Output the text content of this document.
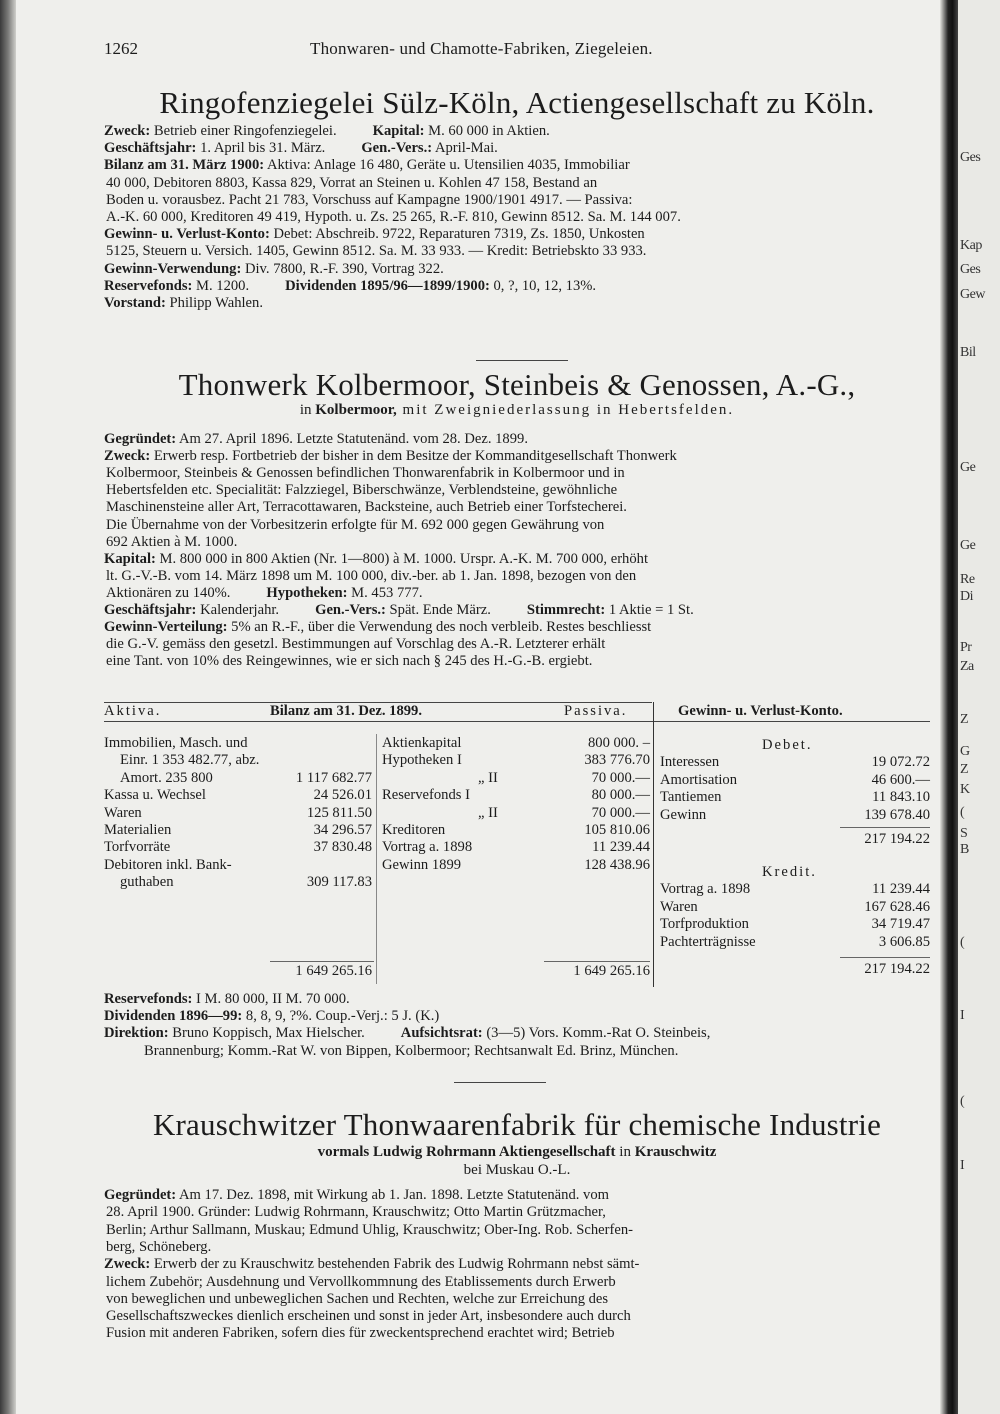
1262	Thonwaren- und Chamotte-Fabriken, Ziegeleien.
Ringofenziegelei Sülz-Köln, Actiengesellschaft zu Köln.
Zweck: Betrieb einer Ringofenziegelei. Kapital: M. 60 000 in Aktien.
Geschäftsjahr: 1. April bis 31. März. Gen.-Vers.: April-Mai.
Bilanz am 31. März 1900: Aktiva: Anlage 16 480, Geräte u. Utensilien 4035, Immobiliar
40 000, Debitoren 8803, Kassa 829, Vorrat an Steinen u. Kohlen 47 158, Bestand an
Boden u. vorausbez. Pacht 21 783, Vorschuss auf Kampagne 1900/1901 4917. — Passiva:
A.-K. 60 000, Kreditoren 49 419, Hypoth. u. Zs. 25 265, R.-F. 810, Gewinn 8512. Sa. M. 144 007.
Gewinn- u. Verlust-Konto: Debet: Abschreib. 9722, Reparaturen 7319, Zs. 1850, Unkosten
5125, Steuern u. Versich. 1405, Gewinn 8512. Sa. M. 33 933. — Kredit: Betriebskto 33 933.
Gewinn-Verwendung: Div. 7800, R.-F. 390, Vortrag 322.
Reservefonds: M. 1200. Dividenden 1895/96—1899/1900: 0, ?, 10, 12, 13%.
Vorstand: Philipp Wahlen.
Thonwerk Kolbermoor, Steinbeis & Genossen, A.-G.,
in Kolbermoor, mit Zweigniederlassung in Hebertsfelden.
Gegründet: Am 27. April 1896. Letzte Statutenänd. vom 28. Dez. 1899.
Zweck: Erwerb resp. Fortbetrieb der bisher in dem Besitze der Kommanditgesellschaft Thonwerk
Kolbermoor, Steinbeis & Genossen befindlichen Thonwarenfabrik in Kolbermoor und in
Hebertsfelden etc. Specialität: Falzziegel, Biberschwänze, Verblendsteine, gewöhnliche
Maschinensteine aller Art, Terracottawaren, Backsteine, auch Betrieb einer Torfstecherei.
Die Übernahme von der Vorbesitzerin erfolgte für M. 692 000 gegen Gewährung von
692 Aktien à M. 1000.
Kapital: M. 800 000 in 800 Aktien (Nr. 1—800) à M. 1000. Urspr. A.-K. M. 700 000, erhöht
lt. G.-V.-B. vom 14. März 1898 um M. 100 000, div.-ber. ab 1. Jan. 1898, bezogen von den
Aktionären zu 140%. Hypotheken: M. 453 777.
Geschäftsjahr: Kalenderjahr. Gen.-Vers.: Spät. Ende März. Stimmrecht: 1 Aktie = 1 St.
Gewinn-Verteilung: 5% an R.-F., über die Verwendung des noch verbleib. Restes beschliesst
die G.-V. gemäss den gesetzl. Bestimmungen auf Vorschlag des A.-R. Letzterer erhält
eine Tant. von 10% des Reingewinnes, wie er sich nach § 245 des H.-G.-B. ergiebt.
Aktiva.	Bilanz am 31. Dez. 1899.	Passiva.	Gewinn- u. Verlust-Konto.
Immobilien, Masch. und
Einr. 1 353 482.77, abz.
Amort. 235 800	1 117 682.77
Kassa u. Wechsel	24 526.01
Waren	125 811.50
Materialien	34 296.57
Torfvorräte	37 830.48
Debitoren inkl. Bank-
guthaben	309 117.83
Aktienkapital	800 000. –
Hypotheken I	383 776.70
„ II	70 000.—
Reservefonds I	80 000.—
„ II	70 000.—
Kreditoren	105 810.06
Vortrag a. 1898	11 239.44
Gewinn 1899	128 438.96
1 649 265.16	1 649 265.16
Debet.
Interessen	19 072.72
Amortisation	46 600.—
Tantiemen	11 843.10
Gewinn	139 678.40
217 194.22
Kredit.
Vortrag a. 1898	11 239.44
Waren	167 628.46
Torfproduktion	34 719.47
Pachterträgnisse	3 606.85
217 194.22
Reservefonds: I M. 80 000, II M. 70 000.
Dividenden 1896—99: 8, 8, 9, ?%. Coup.-Verj.: 5 J. (K.)
Direktion: Bruno Koppisch, Max Hielscher. Aufsichtsrat: (3—5) Vors. Komm.-Rat O. Steinbeis,
Brannenburg; Komm.-Rat W. von Bippen, Kolbermoor; Rechtsanwalt Ed. Brinz, München.
Krauschwitzer Thonwaarenfabrik für chemische Industrie
vormals Ludwig Rohrmann Aktiengesellschaft in Krauschwitz
bei Muskau O.-L.
Gegründet: Am 17. Dez. 1898, mit Wirkung ab 1. Jan. 1898. Letzte Statutenänd. vom
28. April 1900. Gründer: Ludwig Rohrmann, Krauschwitz; Otto Martin Grützmacher,
Berlin; Arthur Sallmann, Muskau; Edmund Uhlig, Krauschwitz; Ober-Ing. Rob. Scherfen-
berg, Schöneberg.
Zweck: Erwerb der zu Krauschwitz bestehenden Fabrik des Ludwig Rohrmann nebst sämt-
lichem Zubehör; Ausdehnung und Vervollkommnung des Etablissements durch Erwerb
von beweglichen und unbeweglichen Sachen und Rechten, welche zur Erreichung des
Gesellschaftszweckes dienlich erscheinen und sonst in jeder Art, insbesondere auch durch
Fusion mit anderen Fabriken, sofern dies für zweckentsprechend erachtet wird; Betrieb
Ges
Kap
Ges
Gew
Bil
Ge
Ge
Re
Di
Pr
Za
Z
G
Z
K
(
S
B
(
I
(
I
